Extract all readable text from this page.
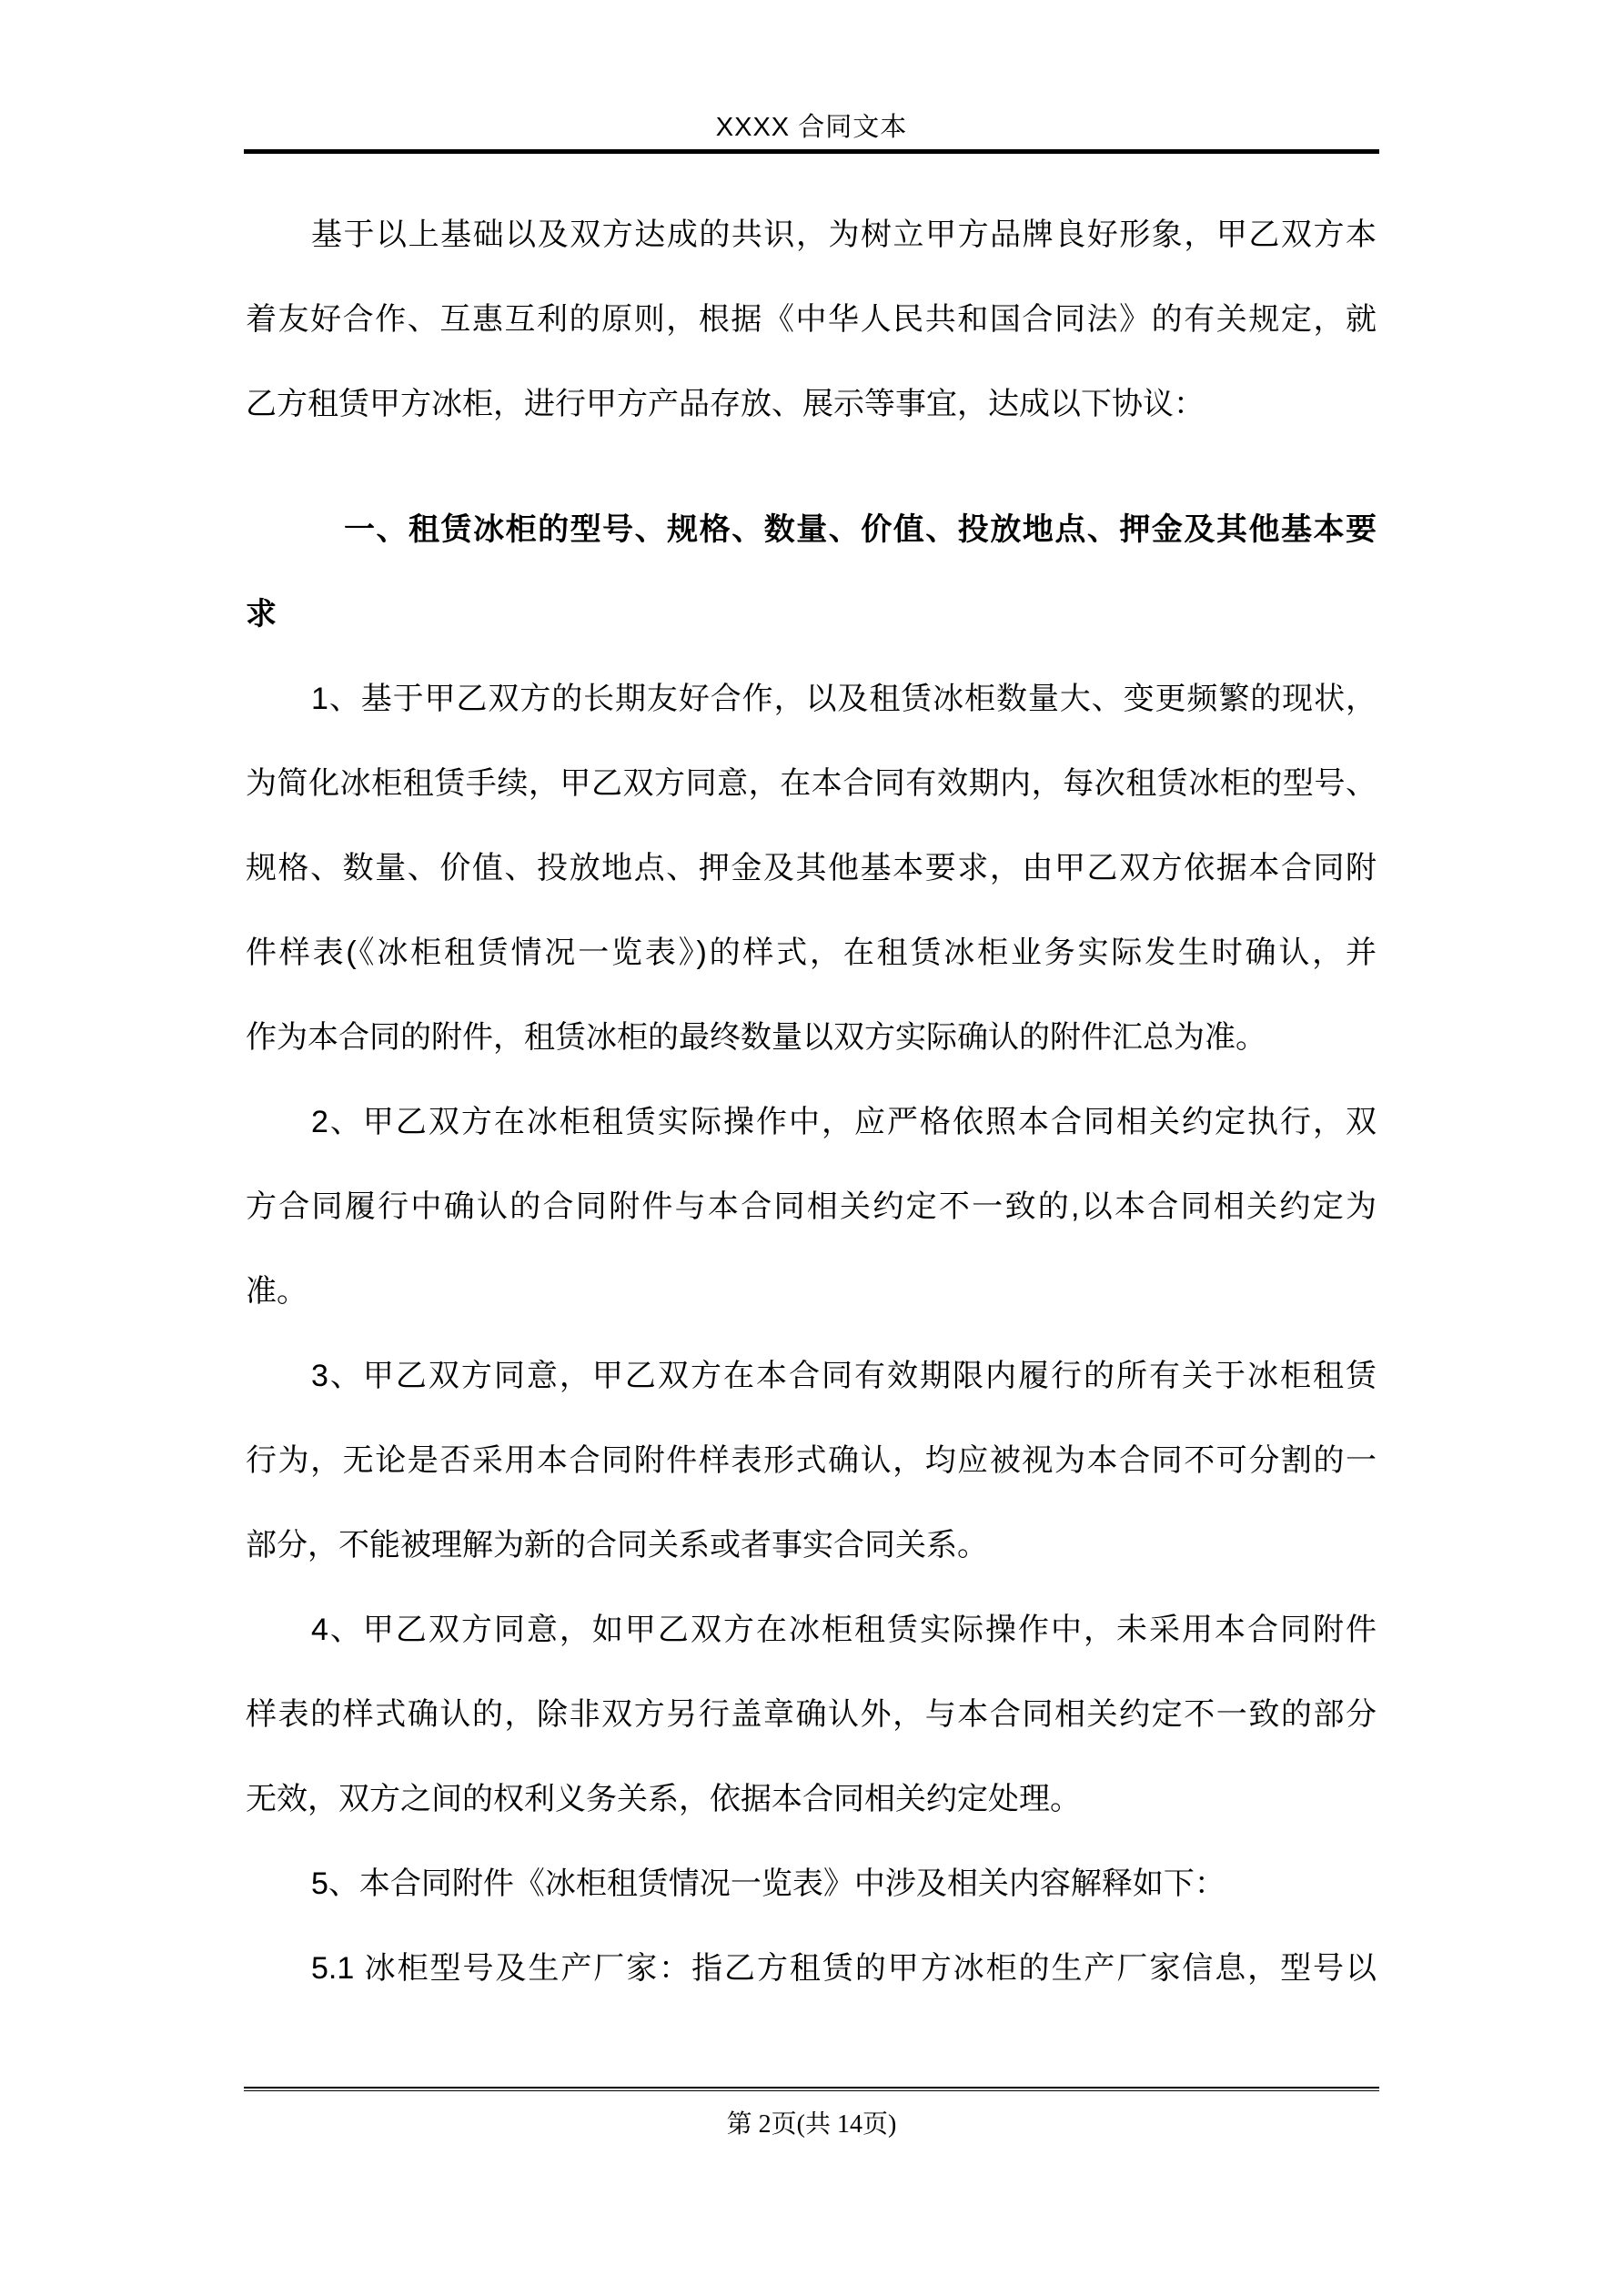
XXXX 合同文本

基于以上基础以及双方达成的共识，为树立甲方品牌良好形象，甲乙双方本
着友好合作、互惠互利的原则，根据《中华人民共和国合同法》的有关规定，就
乙方租赁甲方冰柜，进行甲方产品存放、展示等事宜，达成以下协议：

一、租赁冰柜的型号、规格、数量、价值、投放地点、押金及其他基本要
求

1、基于甲乙双方的长期友好合作，以及租赁冰柜数量大、变更频繁的现状，
为简化冰柜租赁手续，甲乙双方同意，在本合同有效期内，每次租赁冰柜的型号、
规格、数量、价值、投放地点、押金及其他基本要求，由甲乙双方依据本合同附
件样表(《冰柜租赁情况一览表》)的样式，在租赁冰柜业务实际发生时确认，并
作为本合同的附件，租赁冰柜的最终数量以双方实际确认的附件汇总为准。

2、甲乙双方在冰柜租赁实际操作中，应严格依照本合同相关约定执行，双
方合同履行中确认的合同附件与本合同相关约定不一致的,以本合同相关约定为
准。

3、甲乙双方同意，甲乙双方在本合同有效期限内履行的所有关于冰柜租赁
行为，无论是否采用本合同附件样表形式确认，均应被视为本合同不可分割的一
部分，不能被理解为新的合同关系或者事实合同关系。

4、甲乙双方同意，如甲乙双方在冰柜租赁实际操作中，未采用本合同附件
样表的样式确认的，除非双方另行盖章确认外，与本合同相关约定不一致的部分
无效，双方之间的权利义务关系，依据本合同相关约定处理。

5、本合同附件《冰柜租赁情况一览表》中涉及相关内容解释如下：

5.1 冰柜型号及生产厂家：指乙方租赁的甲方冰柜的生产厂家信息，型号以

第 2页(共 14页)
